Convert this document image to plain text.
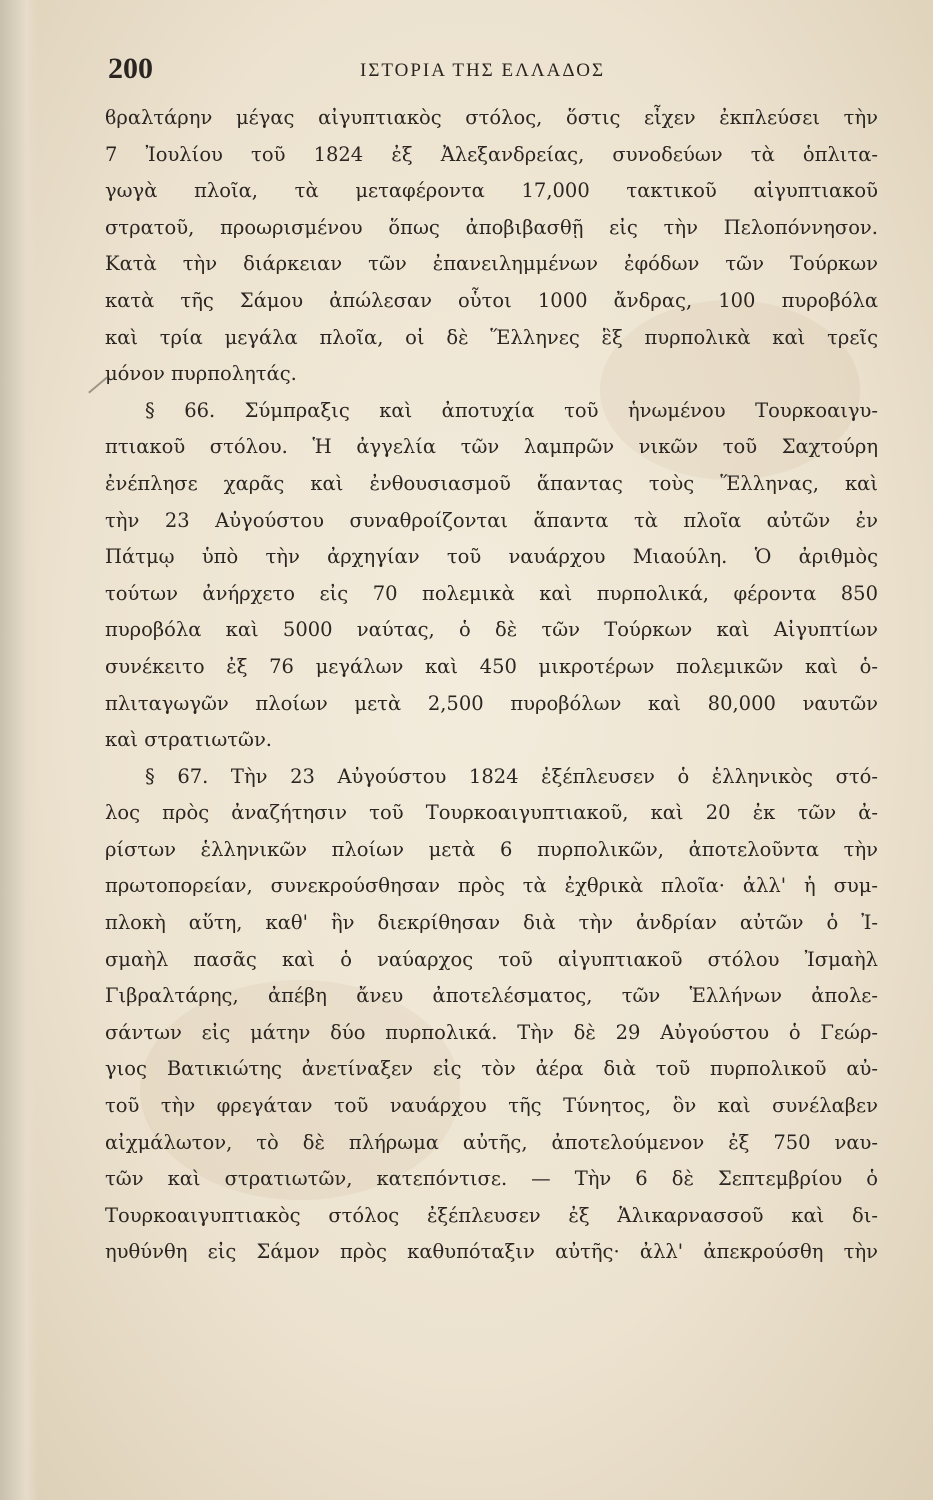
200	ΙΣΤΟΡΙΑ ΤΗΣ ΕΛΛΑΔΟΣ
ϐραλτάρην μέγας αἰγυπτιακὸς στόλος, ὅστις εἶχεν ἐκπλεύσει τὴν
7 Ἰουλίου τοῦ 1824 ἐξ Ἀλεξανδρείας, συνοδεύων τὰ ὁπλιτα-
γωγὰ πλοῖα, τὰ μεταφέροντα 17,000 τακτικοῦ αἰγυπτιακοῦ
στρατοῦ, προωρισμένου ὅπως ἀποβιβασθῇ εἰς τὴν Πελοπόννησον.
Κατὰ τὴν διάρκειαν τῶν ἐπανειλημμένων ἐφόδων τῶν Τούρκων
κατὰ τῆς Σάμου ἀπώλεσαν οὗτοι 1000 ἄνδρας, 100 πυροβόλα
καὶ τρία μεγάλα πλοῖα, οἱ δὲ Ἕλληνες ἓξ πυρπολικὰ καὶ τρεῖς
μόνον πυρπολητάς.
§ 66. Σύμπραξις καὶ ἀποτυχία τοῦ ἡνωμένου Τουρκοαιγυ-
πτιακοῦ στόλου. Ἡ ἀγγελία τῶν λαμπρῶν νικῶν τοῦ Σαχτούρη
ἐνέπλησε χαρᾶς καὶ ἐνθουσιασμοῦ ἅπαντας τοὺς Ἕλληνας, καὶ
τὴν 23 Αὐγούστου συναθροίζονται ἅπαντα τὰ πλοῖα αὐτῶν ἐν
Πάτμῳ ὑπὸ τὴν ἀρχηγίαν τοῦ ναυάρχου Μιαούλη. Ὁ ἀριθμὸς
τούτων ἀνήρχετο εἰς 70 πολεμικὰ καὶ πυρπολικά, φέροντα 850
πυροβόλα καὶ 5000 ναύτας, ὁ δὲ τῶν Τούρκων καὶ Αἰγυπτίων
συνέκειτο ἐξ 76 μεγάλων καὶ 450 μικροτέρων πολεμικῶν καὶ ὁ-
πλιταγωγῶν πλοίων μετὰ 2,500 πυροβόλων καὶ 80,000 ναυτῶν
καὶ στρατιωτῶν.
§ 67. Τὴν 23 Αὐγούστου 1824 ἐξέπλευσεν ὁ ἑλληνικὸς στό-
λος πρὸς ἀναζήτησιν τοῦ Τουρκοαιγυπτιακοῦ, καὶ 20 ἐκ τῶν ἀ-
ρίστων ἑλληνικῶν πλοίων μετὰ 6 πυρπολικῶν, ἀποτελοῦντα τὴν
πρωτοπορείαν, συνεκρούσθησαν πρὸς τὰ ἐχθρικὰ πλοῖα· ἀλλ' ἡ συμ-
πλοκὴ αὕτη, καθ' ἣν διεκρίθησαν διὰ τὴν ἀνδρίαν αὐτῶν ὁ Ἰ-
σμαὴλ πασᾶς καὶ ὁ ναύαρχος τοῦ αἰγυπτιακοῦ στόλου Ἰσμαὴλ
Γιβραλτάρης, ἀπέβη ἄνευ ἀποτελέσματος, τῶν Ἑλλήνων ἀπολε-
σάντων εἰς μάτην δύο πυρπολικά. Τὴν δὲ 29 Αὐγούστου ὁ Γεώρ-
γιος Βατικιώτης ἀνετίναξεν εἰς τὸν ἀέρα διὰ τοῦ πυρπολικοῦ αὐ-
τοῦ τὴν φρεγάταν τοῦ ναυάρχου τῆς Τύνητος, ὃν καὶ συνέλαβεν
αἰχμάλωτον, τὸ δὲ πλήρωμα αὐτῆς, ἀποτελούμενον ἐξ 750 ναυ-
τῶν καὶ στρατιωτῶν, κατεπόντισε. — Τὴν 6 δὲ Σεπτεμβρίου ὁ
Τουρκοαιγυπτιακὸς στόλος ἐξέπλευσεν ἐξ Ἁλικαρνασσοῦ καὶ δι-
ηυθύνθη εἰς Σάμον πρὸς καθυπόταξιν αὐτῆς· ἀλλ' ἀπεκρούσθη τὴν
